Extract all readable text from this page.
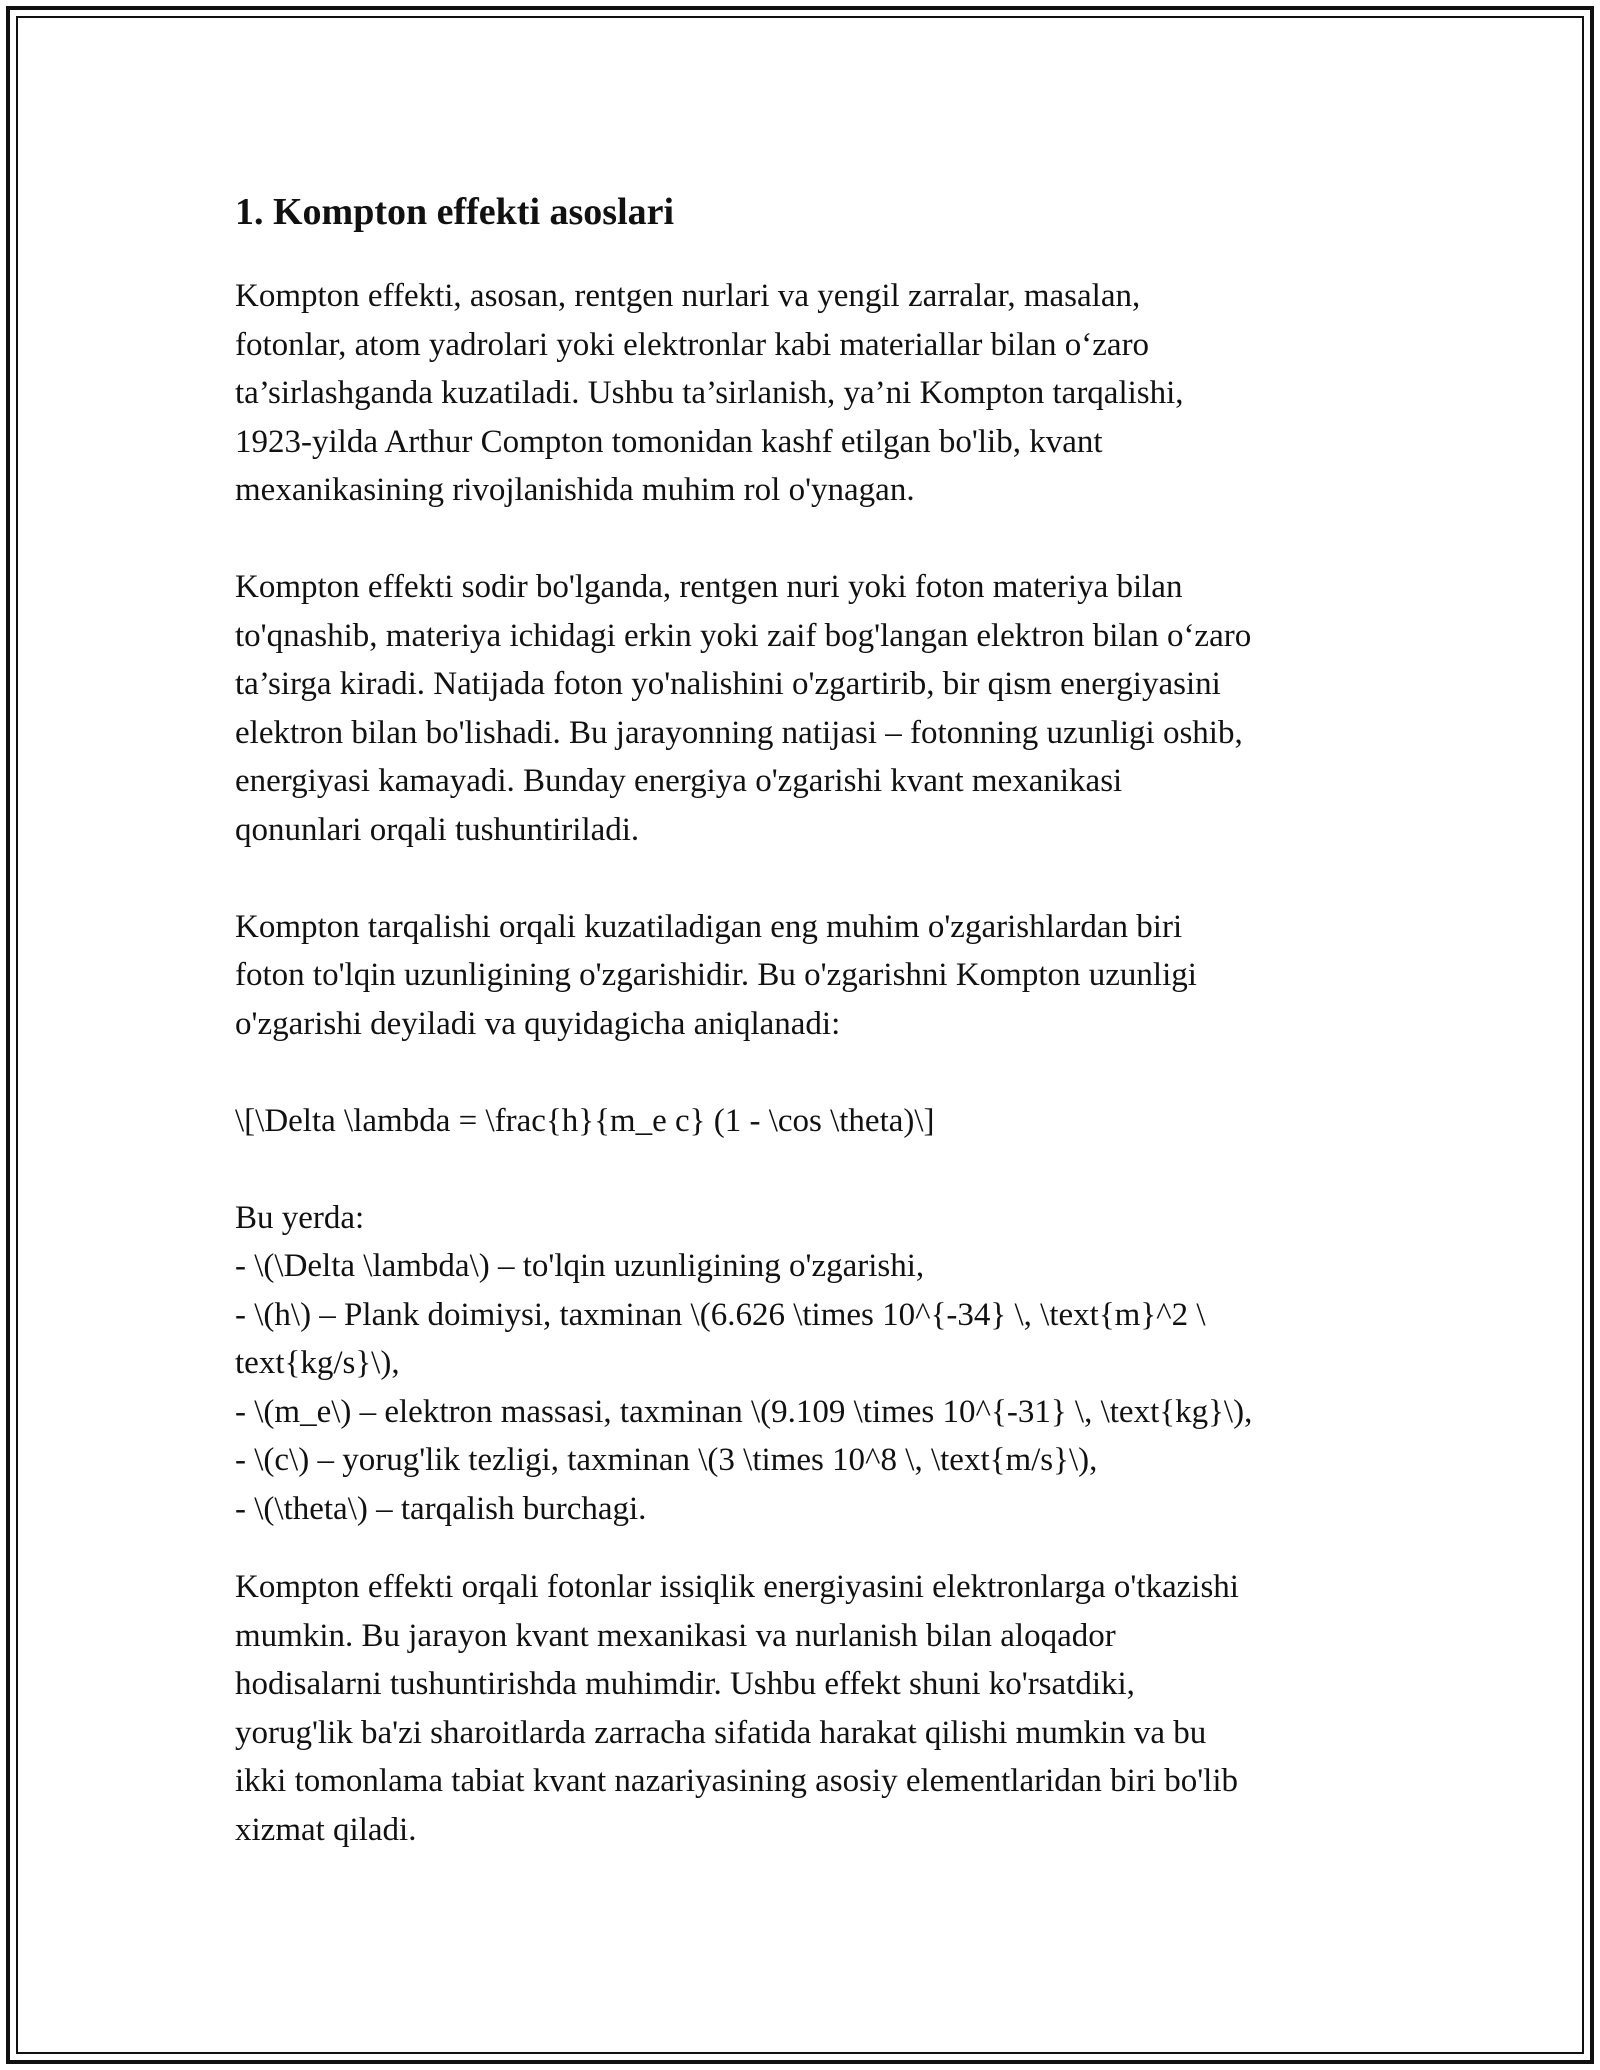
1. Kompton effekti asoslari

Kompton effekti, asosan, rentgen nurlari va yengil zarralar, masalan,
fotonlar, atom yadrolari yoki elektronlar kabi materiallar bilan o‘zaro
ta’sirlashganda kuzatiladi. Ushbu ta’sirlanish, ya’ni Kompton tarqalishi,
1923-yilda Arthur Compton tomonidan kashf etilgan bo'lib, kvant
mexanikasining rivojlanishida muhim rol o'ynagan.

Kompton effekti sodir bo'lganda, rentgen nuri yoki foton materiya bilan
to'qnashib, materiya ichidagi erkin yoki zaif bog'langan elektron bilan o‘zaro
ta’sirga kiradi. Natijada foton yo'nalishini o'zgartirib, bir qism energiyasini
elektron bilan bo'lishadi. Bu jarayonning natijasi – fotonning uzunligi oshib,
energiyasi kamayadi. Bunday energiya o'zgarishi kvant mexanikasi
qonunlari orqali tushuntiriladi.

Kompton tarqalishi orqali kuzatiladigan eng muhim o'zgarishlardan biri
foton to'lqin uzunligining o'zgarishidir. Bu o'zgarishni Kompton uzunligi
o'zgarishi deyiladi va quyidagicha aniqlanadi:

\[\Delta \lambda = \frac{h}{m_e c} (1 - \cos \theta)\]

Bu yerda:
- \(\Delta \lambda\) – to'lqin uzunligining o'zgarishi,
- \(h\) – Plank doimiysi, taxminan \(6.626 \times 10^{-34} \, \text{m}^2 \
text{kg/s}\),
- \(m_e\) – elektron massasi, taxminan \(9.109 \times 10^{-31} \, \text{kg}\),
- \(c\) – yorug'lik tezligi, taxminan \(3 \times 10^8 \, \text{m/s}\),
- \(\theta\) – tarqalish burchagi.

Kompton effekti orqali fotonlar issiqlik energiyasini elektronlarga o'tkazishi
mumkin. Bu jarayon kvant mexanikasi va nurlanish bilan aloqador
hodisalarni tushuntirishda muhimdir. Ushbu effekt shuni ko'rsatdiki,
yorug'lik ba'zi sharoitlarda zarracha sifatida harakat qilishi mumkin va bu
ikki tomonlama tabiat kvant nazariyasining asosiy elementlaridan biri bo'lib
xizmat qiladi.
